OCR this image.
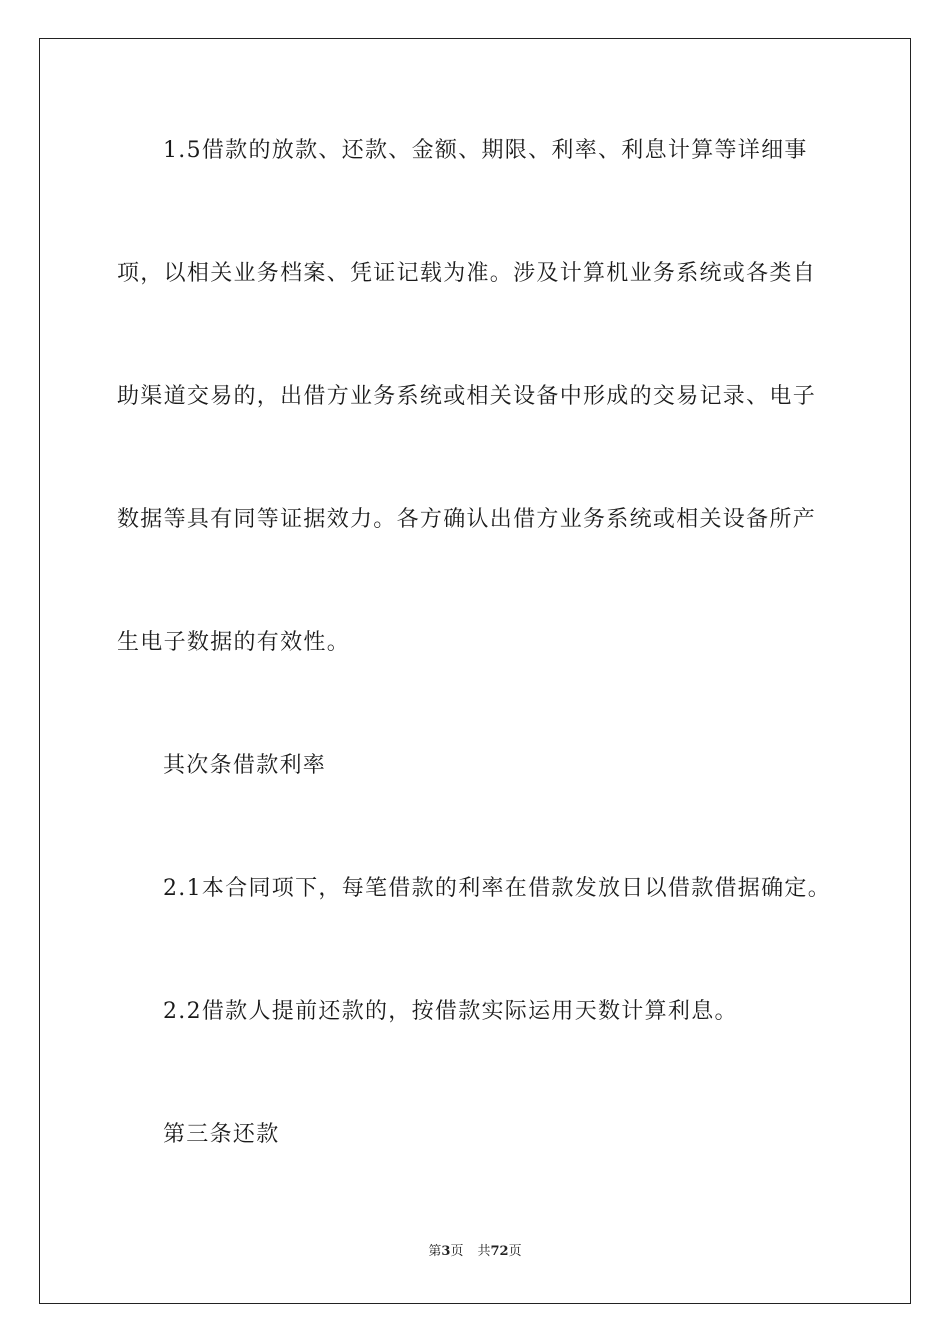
1.5借款的放款、还款、金额、期限、利率、利息计算等详细事
项，以相关业务档案、凭证记载为准。涉及计算机业务系统或各类自
助渠道交易的，出借方业务系统或相关设备中形成的交易记录、电子
数据等具有同等证据效力。各方确认出借方业务系统或相关设备所产
生电子数据的有效性。
其次条借款利率
2.1本合同项下，每笔借款的利率在借款发放日以借款借据确定。
2.2借款人提前还款的，按借款实际运用天数计算利息。
第三条还款
第3页 共72页
